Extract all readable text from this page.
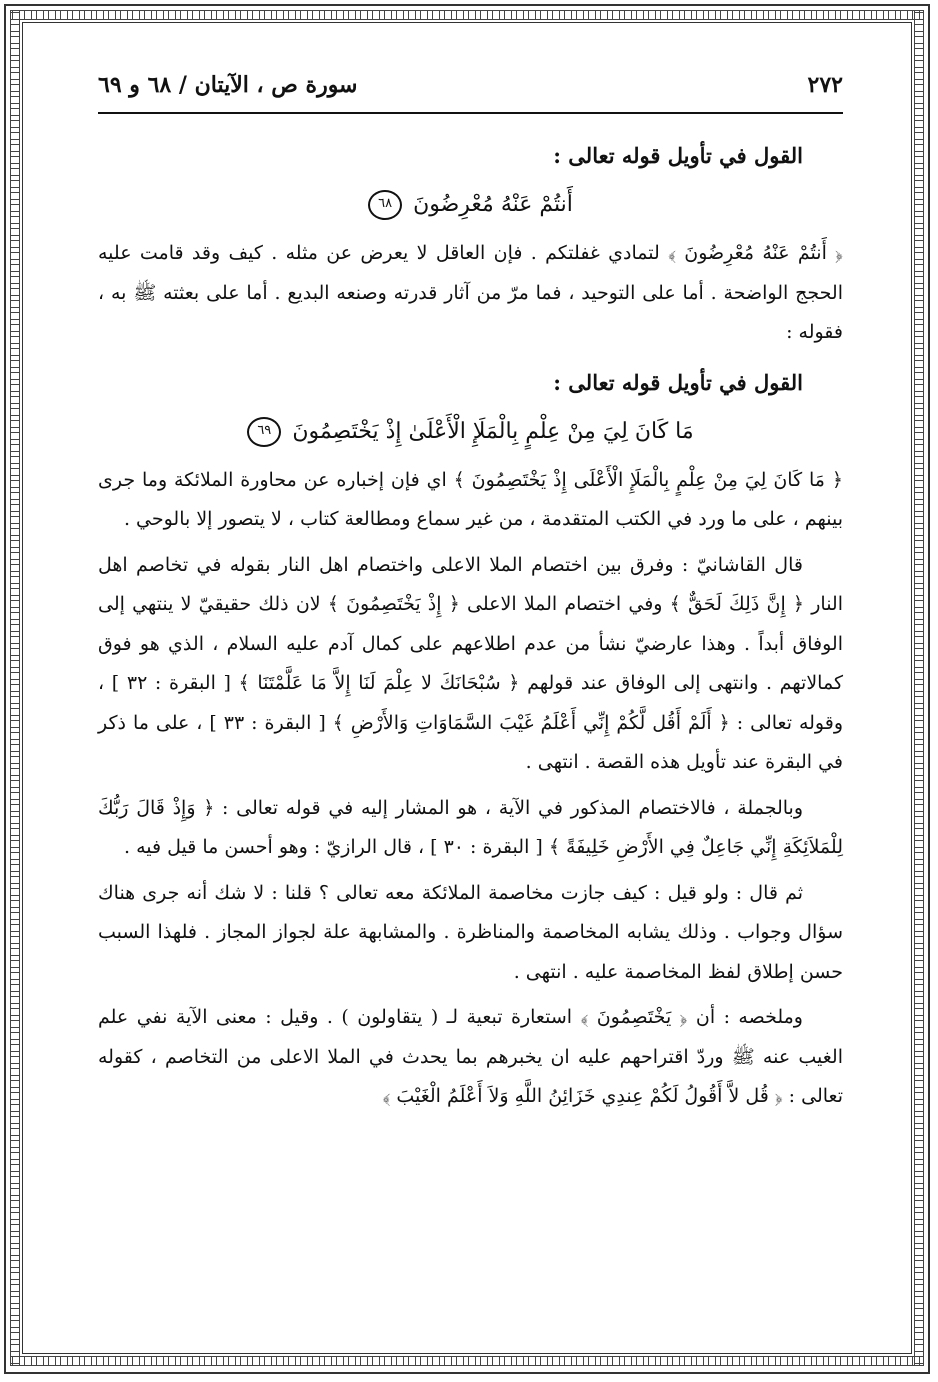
٢٧٢
سورة ص ، الآيتان / ٦٨ و ٦٩
القول في تأويل قوله تعالى :
أَنتُمْ عَنْهُ مُعْرِضُونَ ٦٨

﴿ أَنتُمْ عَنْهُ مُعْرِضُونَ ﴾ لتمادي غفلتكم . فإن العاقل لا يعرض عن مثله . كيف وقد قامت عليه الحجج الواضحة . أما على التوحيد ، فما مرّ من آثار قدرته وصنعه البديع . أما على بعثته ﷺ به ، فقوله :

القول في تأويل قوله تعالى :
مَا كَانَ لِيَ مِنْ عِلْمٍ بِالْمَلَإِ الْأَعْلَىٰ إِذْ يَخْتَصِمُونَ ٦٩

﴿ مَا كَانَ لِيَ مِنْ عِلْمٍ بِالْمَلَإِ الْأَعْلَى إِذْ يَخْتَصِمُونَ ﴾ اي فإن إخباره عن محاورة الملائكة وما جرى بينهم ، على ما ورد في الكتب المتقدمة ، من غير سماع ومطالعة كتاب ، لا يتصور إلا بالوحي .

قال القاشانيّ : وفرق بين اختصام الملا الاعلى واختصام اهل النار بقوله في تخاصم اهل النار ﴿ إِنَّ ذَلِكَ لَحَقٌّ ﴾ وفي اختصام الملا الاعلى ﴿ إِذْ يَخْتَصِمُونَ ﴾ لان ذلك حقيقيّ لا ينتهي إلى الوفاق أبداً . وهذا عارضيّ نشأ من عدم اطلاعهم على كمال آدم عليه السلام ، الذي هو فوق كمالاتهم . وانتهى إلى الوفاق عند قولهم ﴿ سُبْحَانَكَ لا عِلْمَ لَنَا إِلاَّ مَا عَلَّمْتَنَا ﴾ [ البقرة : ٣٢ ] ، وقوله تعالى : ﴿ أَلَمْ أَقُل لَّكُمْ إِنِّي أَعْلَمُ غَيْبَ السَّمَاوَاتِ وَالأَرْضِ ﴾ [ البقرة : ٣٣ ] ، على ما ذكر في البقرة عند تأويل هذه القصة . انتهى .

وبالجملة ، فالاختصام المذكور في الآية ، هو المشار إليه في قوله تعالى : ﴿ وَإِذْ قَالَ رَبُّكَ لِلْمَلاَئِكَةِ إِنِّي جَاعِلٌ فِي الأَرْضِ خَلِيفَةً ﴾ [ البقرة : ٣٠ ] ، قال الرازيّ : وهو أحسن ما قيل فيه .

ثم قال : ولو قيل : كيف جازت مخاصمة الملائكة معه تعالى ؟ قلنا : لا شك أنه جرى هناك سؤال وجواب . وذلك يشابه المخاصمة والمناظرة . والمشابهة علة لجواز المجاز . فلهذا السبب حسن إطلاق لفظ المخاصمة عليه . انتهى .

وملخصه : أن ﴿ يَخْتَصِمُونَ ﴾ استعارة تبعية لـ ( يتقاولون ) . وقيل : معنى الآية نفي علم الغيب عنه ﷺ وردّ اقتراحهم عليه ان يخبرهم بما يحدث في الملا الاعلى من التخاصم ، كقوله تعالى : ﴿ قُل لاَّ أَقُولُ لَكُمْ عِندِي خَزَائِنُ اللَّهِ وَلاَ أَعْلَمُ الْغَيْبَ ﴾
